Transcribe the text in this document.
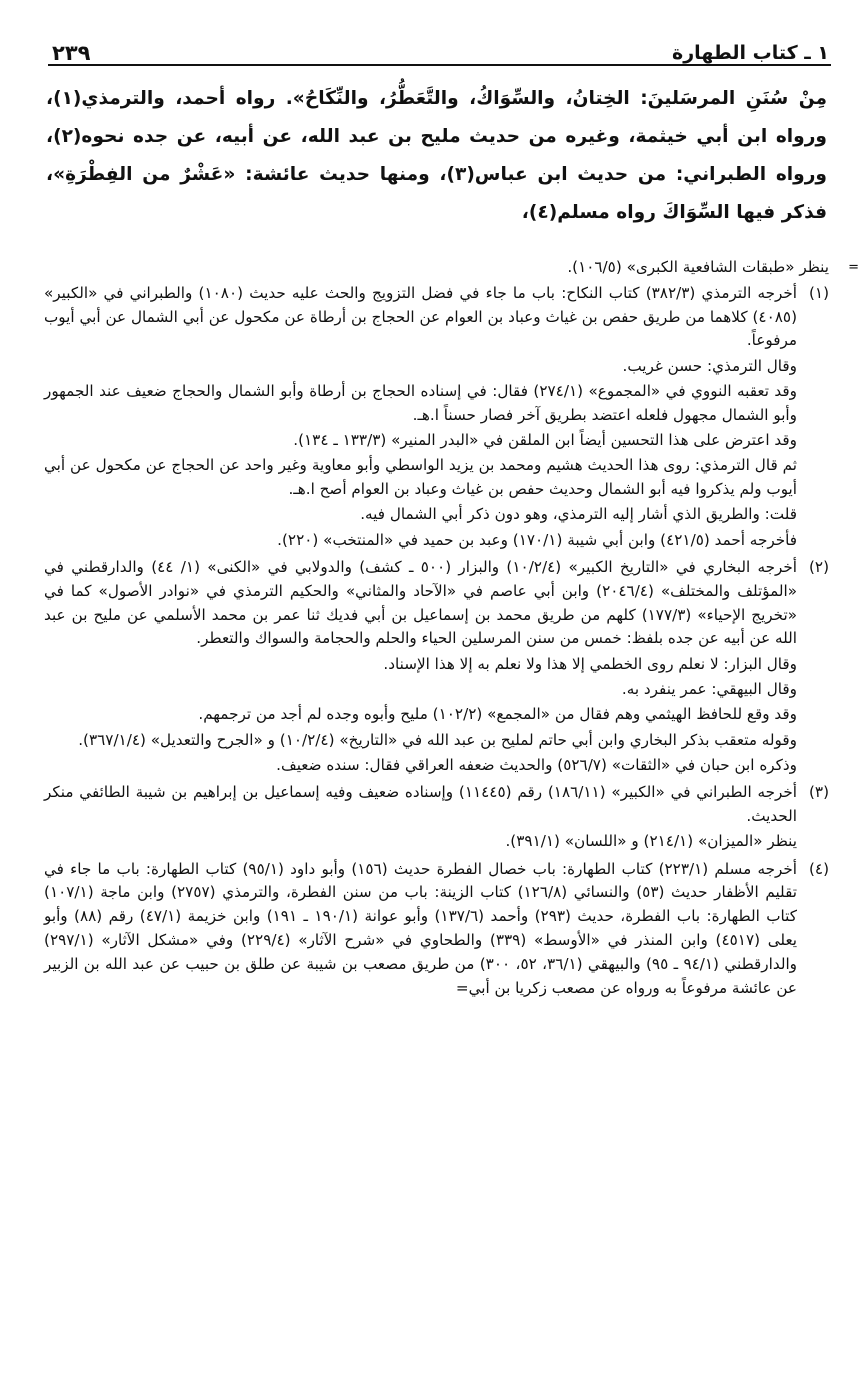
١ ـ كتاب الطهارة
٢٣٩

مِنْ سُنَنِ المرسَلينَ: الخِتانُ، والسِّوَاكُ، والتَّعَطُّرُ، والنِّكَاحُ». رواه أحمد، والترمذي(١)، ورواه ابن أبي خيثمة، وغيره من حديث مليح بن عبد الله، عن أبيه، عن جده نحوه(٢)، ورواه الطبراني: من حديث ابن عباس(٣)، ومنها حديث عائشة: «عَشْرٌ من الفِطْرَةِ»، فذكر فيها السِّوَاكَ رواه مسلم(٤)،

=

ينظر «طبقات الشافعية الكبرى» (١٠٦/٥).

(١)

أخرجه الترمذي (٣٨٢/٣) كتاب النكاح: باب ما جاء في فضل التزويج والحث عليه حديث (١٠٨٠) والطبراني في «الكبير» (٤٠٨٥) كلاهما من طريق حفص بن غياث وعباد بن العوام عن الحجاج بن أرطاة عن مكحول عن أبي الشمال عن أبي أيوب مرفوعاً.

وقال الترمذي: حسن غريب.

وقد تعقبه النووي في «المجموع» (٢٧٤/١) فقال: في إسناده الحجاج بن أرطاة وأبو الشمال والحجاج ضعيف عند الجمهور وأبو الشمال مجهول فلعله اعتضد بطريق آخر فصار حسناً ا.هـ.

وقد اعترض على هذا التحسين أيضاً ابن الملقن في «البدر المنير» (١٣٣/٣ ـ ١٣٤).

ثم قال الترمذي: روى هذا الحديث هشيم ومحمد بن يزيد الواسطي وأبو معاوية وغير واحد عن الحجاج عن مكحول عن أبي أيوب ولم يذكروا فيه أبو الشمال وحديث حفص بن غياث وعباد بن العوام أصح ا.هـ.

قلت: والطريق الذي أشار إليه الترمذي، وهو دون ذكر أبي الشمال فيه.

فأخرجه أحمد (٤٢١/٥) وابن أبي شيبة (١٧٠/١) وعبد بن حميد في «المنتخب» (٢٢٠).

(٢)

أخرجه البخاري في «التاريخ الكبير» (١٠/٢/٤) والبزار (٥٠٠ ـ كشف) والدولابي في «الكنى» (١/ ٤٤) والدارقطني في «المؤتلف والمختلف» (٢٠٤٦/٤) وابن أبي عاصم في «الآحاد والمثاني» والحكيم الترمذي في «نوادر الأصول» كما في «تخريج الإحياء» (١٧٧/٣) كلهم من طريق محمد بن إسماعيل بن أبي فديك ثنا عمر بن محمد الأسلمي عن مليح بن عبد الله عن أبيه عن جده بلفظ: خمس من سنن المرسلين الحياء والحلم والحجامة والسواك والتعطر.

وقال البزار: لا نعلم روى الخطمي إلا هذا ولا نعلم به إلا هذا الإسناد.

وقال البيهقي: عمر ينفرد به.

وقد وقع للحافظ الهيثمي وهم فقال من «المجمع» (١٠٢/٢) مليح وأبوه وجده لم أجد من ترجمهم.

وقوله متعقب بذكر البخاري وابن أبي حاتم لمليح بن عبد الله في «التاريخ» (١٠/٢/٤) و «الجرح والتعديل» (٣٦٧/١/٤).

وذكره ابن حبان في «الثقات» (٥٢٦/٧) والحديث ضعفه العراقي فقال: سنده ضعيف.

(٣)

أخرجه الطبراني في «الكبير» (١٨٦/١١) رقم (١١٤٤٥) وإسناده ضعيف وفيه إسماعيل بن إبراهيم بن شيبة الطائفي منكر الحديث.

ينظر «الميزان» (٢١٤/١) و «اللسان» (٣٩١/١).

(٤)

أخرجه مسلم (٢٢٣/١) كتاب الطهارة: باب خصال الفطرة حديث (١٥٦) وأبو داود (٩٥/١) كتاب الطهارة: باب ما جاء في تقليم الأظفار حديث (٥٣) والنسائي (١٢٦/٨) كتاب الزينة: باب من سنن الفطرة، والترمذي (٢٧٥٧) وابن ماجة (١٠٧/١) كتاب الطهارة: باب الفطرة، حديث (٢٩٣) وأحمد (١٣٧/٦) وأبو عوانة (١٩٠/١ ـ ١٩١) وابن خزيمة (٤٧/١) رقم (٨٨) وأبو يعلى (٤٥١٧) وابن المنذر في «الأوسط» (٣٣٩) والطحاوي في «شرح الآثار» (٢٢٩/٤) وفي «مشكل الآثار» (٢٩٧/١) والدارقطني (٩٤/١ ـ ٩٥) والبيهقي (٣٦/١، ٥٢، ٣٠٠) من طريق مصعب بن شيبة عن طلق بن حبيب عن عبد الله بن الزبير عن عائشة مرفوعاً به ورواه عن مصعب زكريا بن أبي=
